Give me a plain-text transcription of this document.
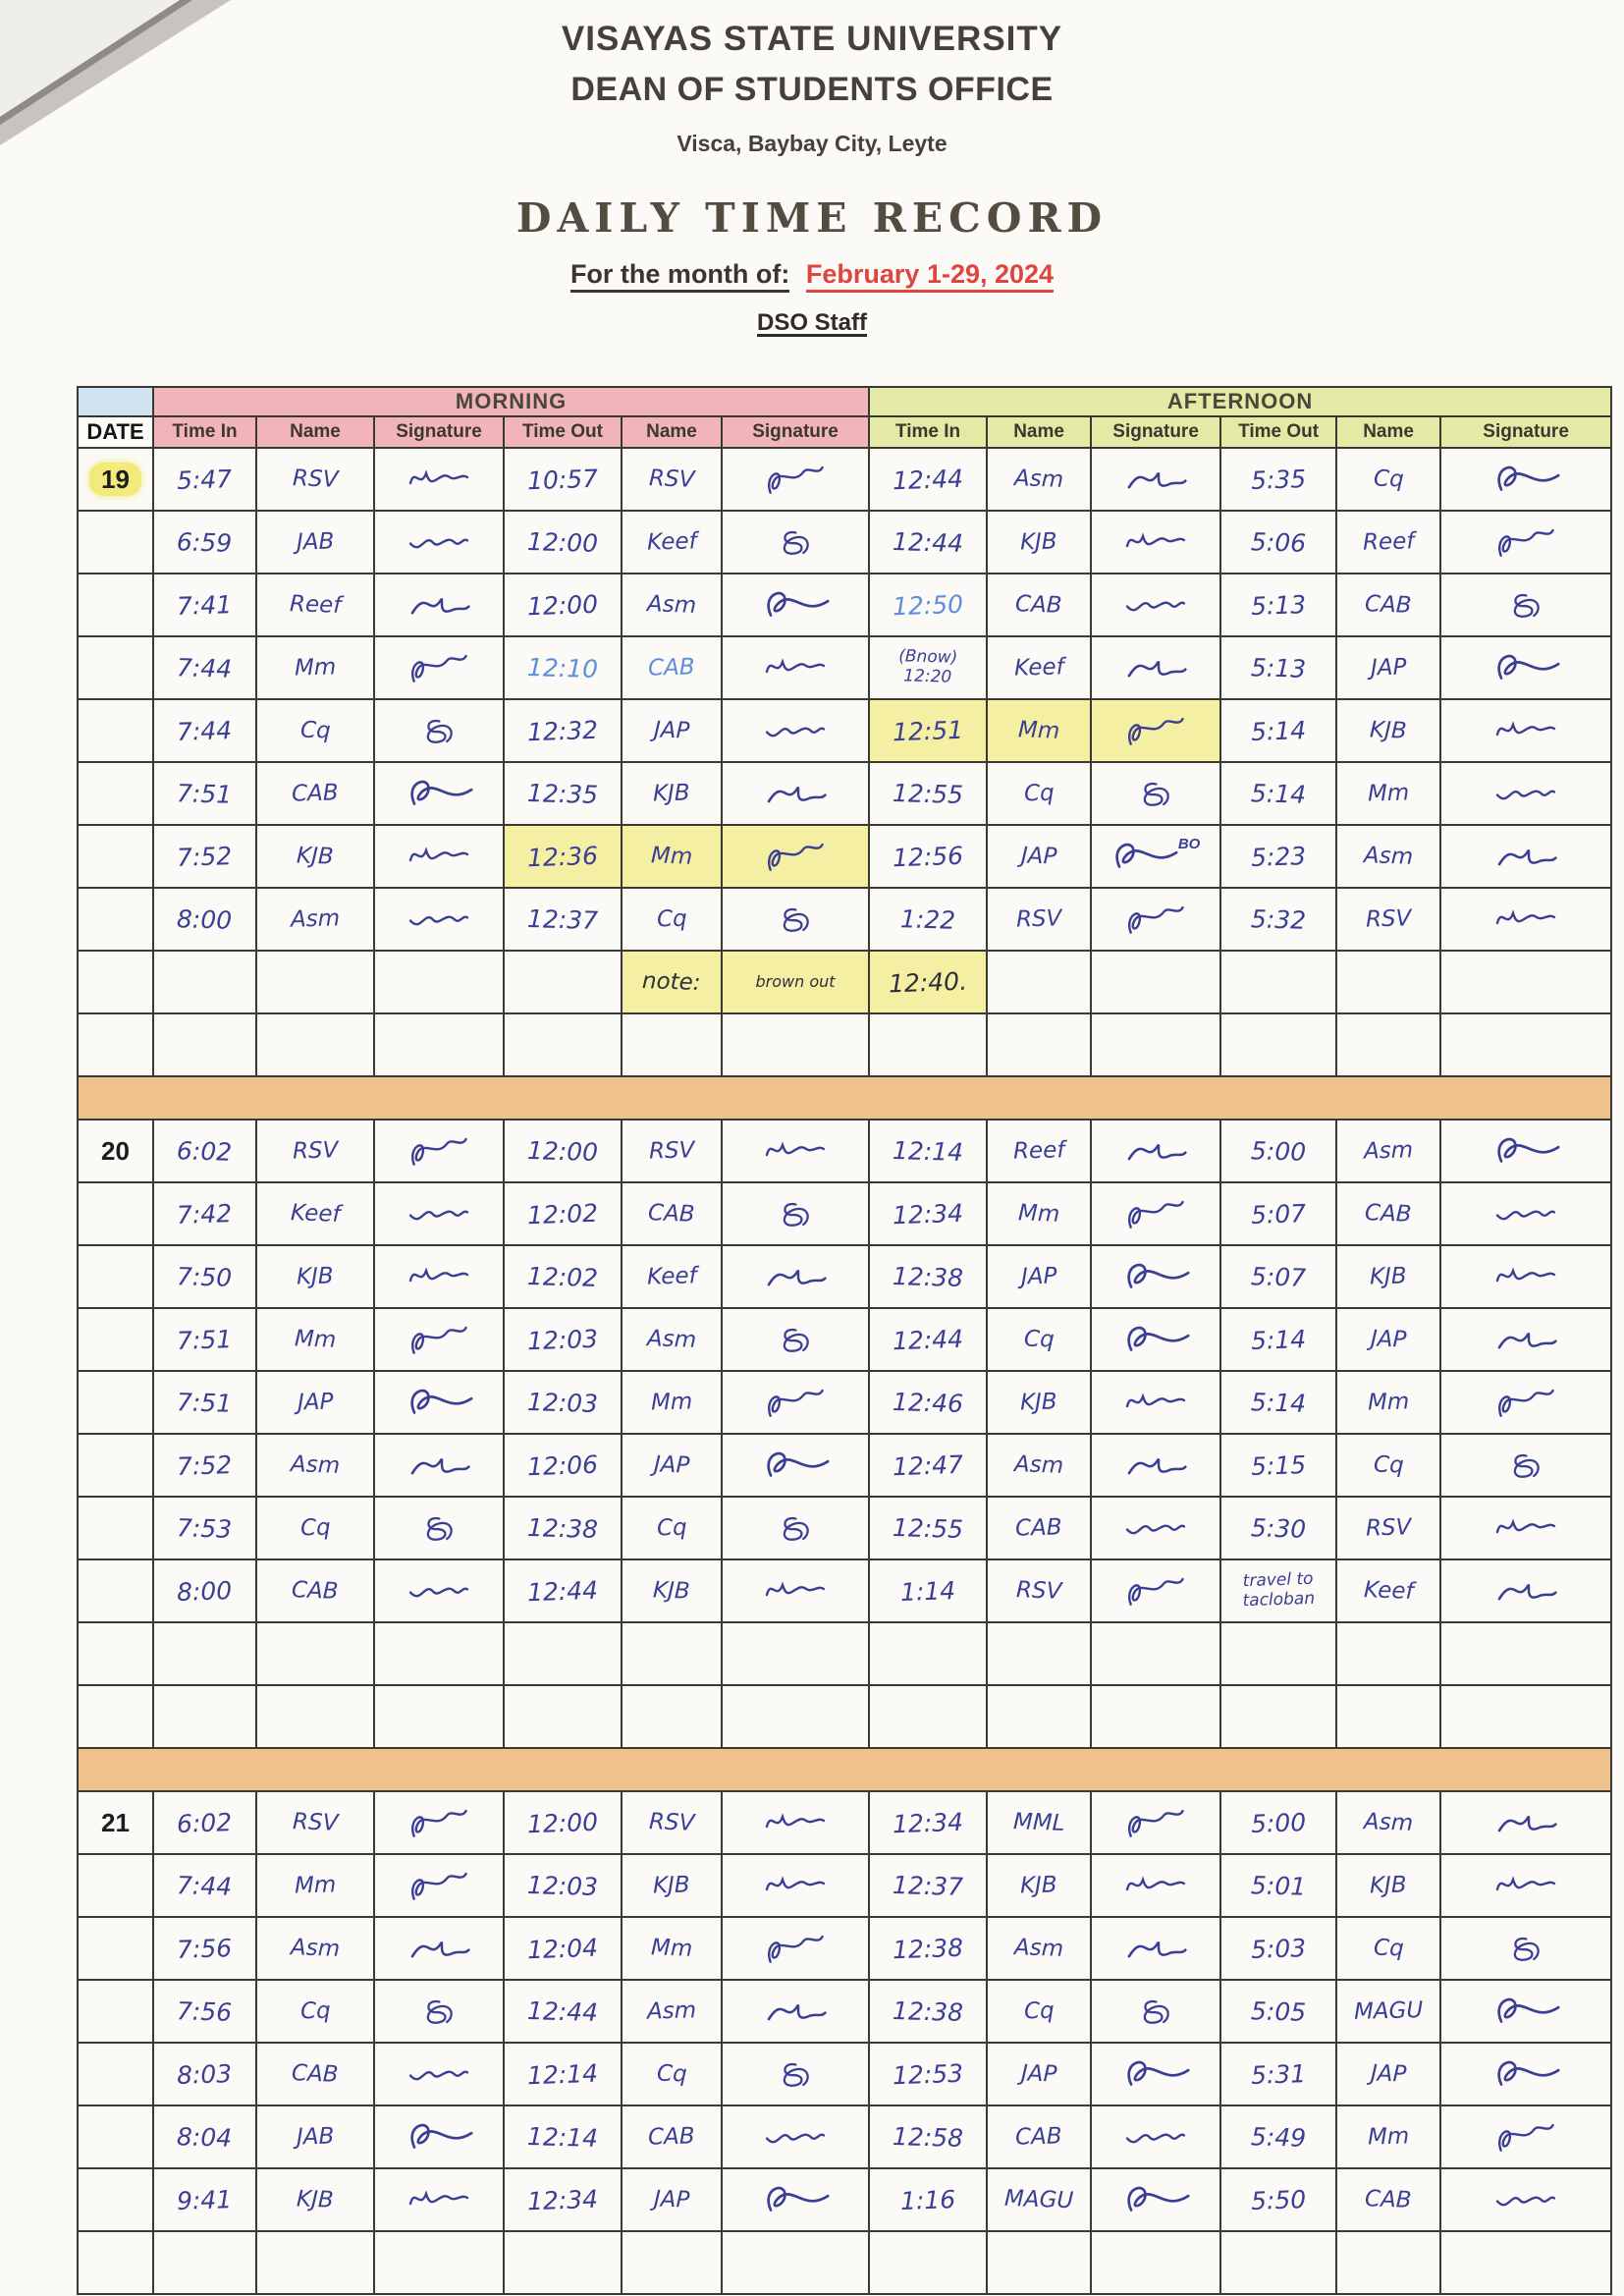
VISAYAS STATE UNIVERSITY
DEAN OF STUDENTS OFFICE
Visca, Baybay City, Leyte
DAILY TIME RECORD
For the month of: February 1-29, 2024
DSO Staff
	MORNING						AFTERNOON					
DATE	Time In	Name	Signature	Time Out	Name	Signature	Time In	Name	Signature	Time Out	Name	Signature
19	5:47	RSV		10:57	RSV		12:44	Asm		5:35	Cq	
	6:59	JAB		12:00	Keef		12:44	KJB		5:06	Reef	
	7:41	Reef		12:00	Asm		12:50	CAB		5:13	CAB	
	7:44	Mm		12:10	CAB		(Bnow) 12:20	Keef		5:13	JAP	
	7:44	Cq		12:32	JAP		12:51	Mm		5:14	KJB	
	7:51	CAB		12:35	KJB		12:55	Cq		5:14	Mm	
	7:52	KJB		12:36	Mm		12:56	JAP	BO	5:23	Asm	
	8:00	Asm		12:37	Cq		1:22	RSV		5:32	RSV	
					note:	brown out	12:40.					

20	6:02	RSV		12:00	RSV		12:14	Reef		5:00	Asm	
	7:42	Keef		12:02	CAB		12:34	Mm		5:07	CAB	
	7:50	KJB		12:02	Keef		12:38	JAP		5:07	KJB	
	7:51	Mm		12:03	Asm		12:44	Cq		5:14	JAP	
	7:51	JAP		12:03	Mm		12:46	KJB		5:14	Mm	
	7:52	Asm		12:06	JAP		12:47	Asm		5:15	Cq	
	7:53	Cq		12:38	Cq		12:55	CAB		5:30	RSV	
	8:00	CAB		12:44	KJB		1:14	RSV		travel to tacloban	Keef	

21	6:02	RSV		12:00	RSV		12:34	MML		5:00	Asm	
	7:44	Mm		12:03	KJB		12:37	KJB		5:01	KJB	
	7:56	Asm		12:04	Mm		12:38	Asm		5:03	Cq	
	7:56	Cq		12:44	Asm		12:38	Cq		5:05	MAGU	
	8:03	CAB		12:14	Cq		12:53	JAP		5:31	JAP	
	8:04	JAB		12:14	CAB		12:58	CAB		5:49	Mm	
	9:41	KJB		12:34	JAP		1:16	MAGU		5:50	CAB	
